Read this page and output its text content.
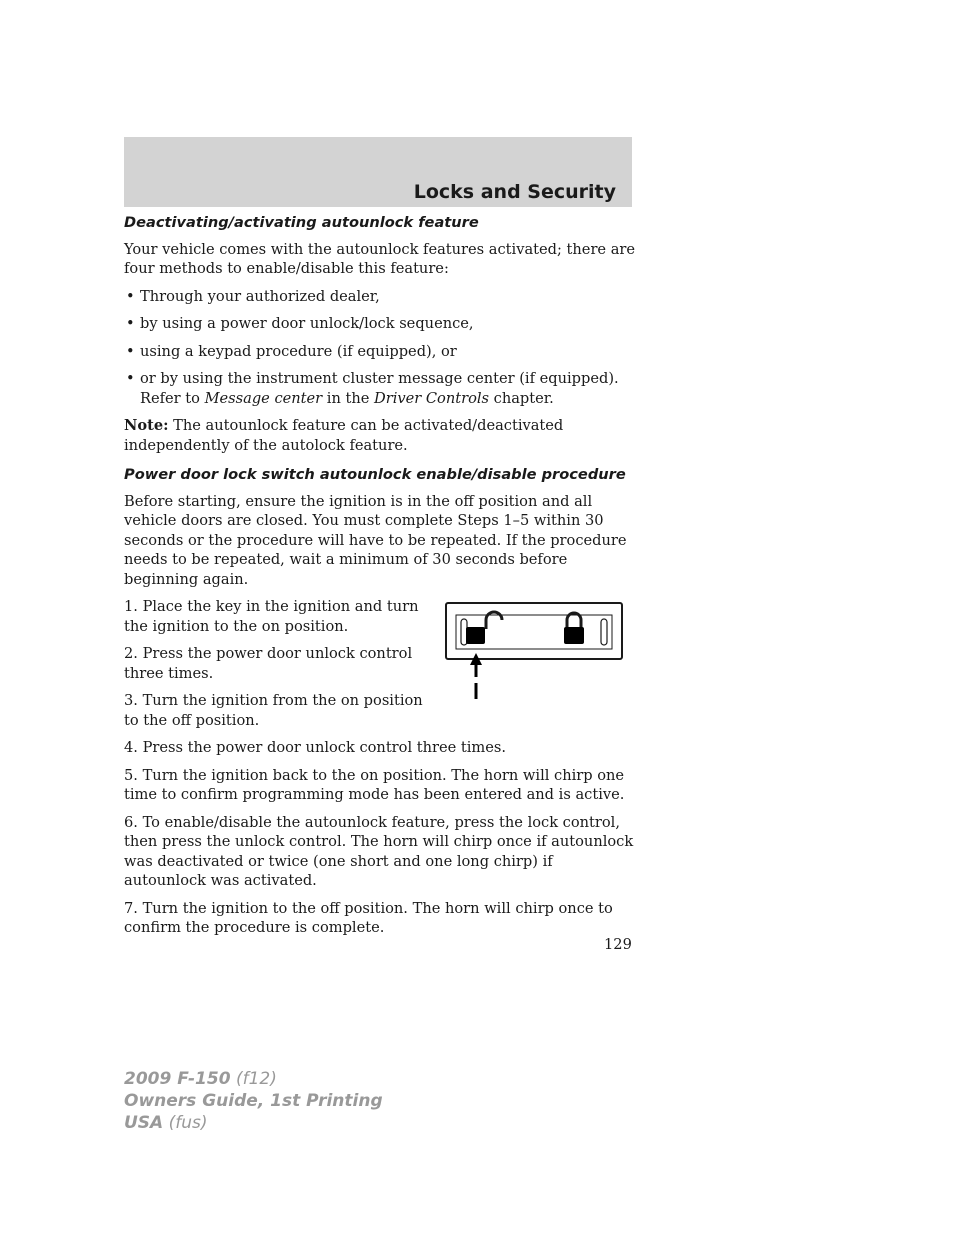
Locks and Security
Deactivating/activating autounlock feature

Your vehicle comes with the autounlock features activated; there are four methods to enable/disable this feature:

• Through your authorized dealer,
• by using a power door unlock/lock sequence,
• using a keypad procedure (if equipped), or
• or by using the instrument cluster message center (if equipped). Refer to Message center in the Driver Controls chapter.

Note: The autounlock feature can be activated/deactivated independently of the autolock feature.

Power door lock switch autounlock enable/disable procedure

Before starting, ensure the ignition is in the off position and all vehicle doors are closed. You must complete Steps 1–5 within 30 seconds or the procedure will have to be repeated. If the procedure needs to be repeated, wait a minimum of 30 seconds before beginning again.

1. Place the key in the ignition and turn the ignition to the on position.

2. Press the power door unlock control three times.

3. Turn the ignition from the on position to the off position.

4. Press the power door unlock control three times.

5. Turn the ignition back to the on position. The horn will chirp one time to confirm programming mode has been entered and is active.

6. To enable/disable the autounlock feature, press the lock control, then press the unlock control. The horn will chirp once if autounlock was deactivated or twice (one short and one long chirp) if autounlock was activated.

7. Turn the ignition to the off position. The horn will chirp once to confirm the procedure is complete.

129
2009 F-150 (f12)
Owners Guide, 1st Printing
USA (fus)
